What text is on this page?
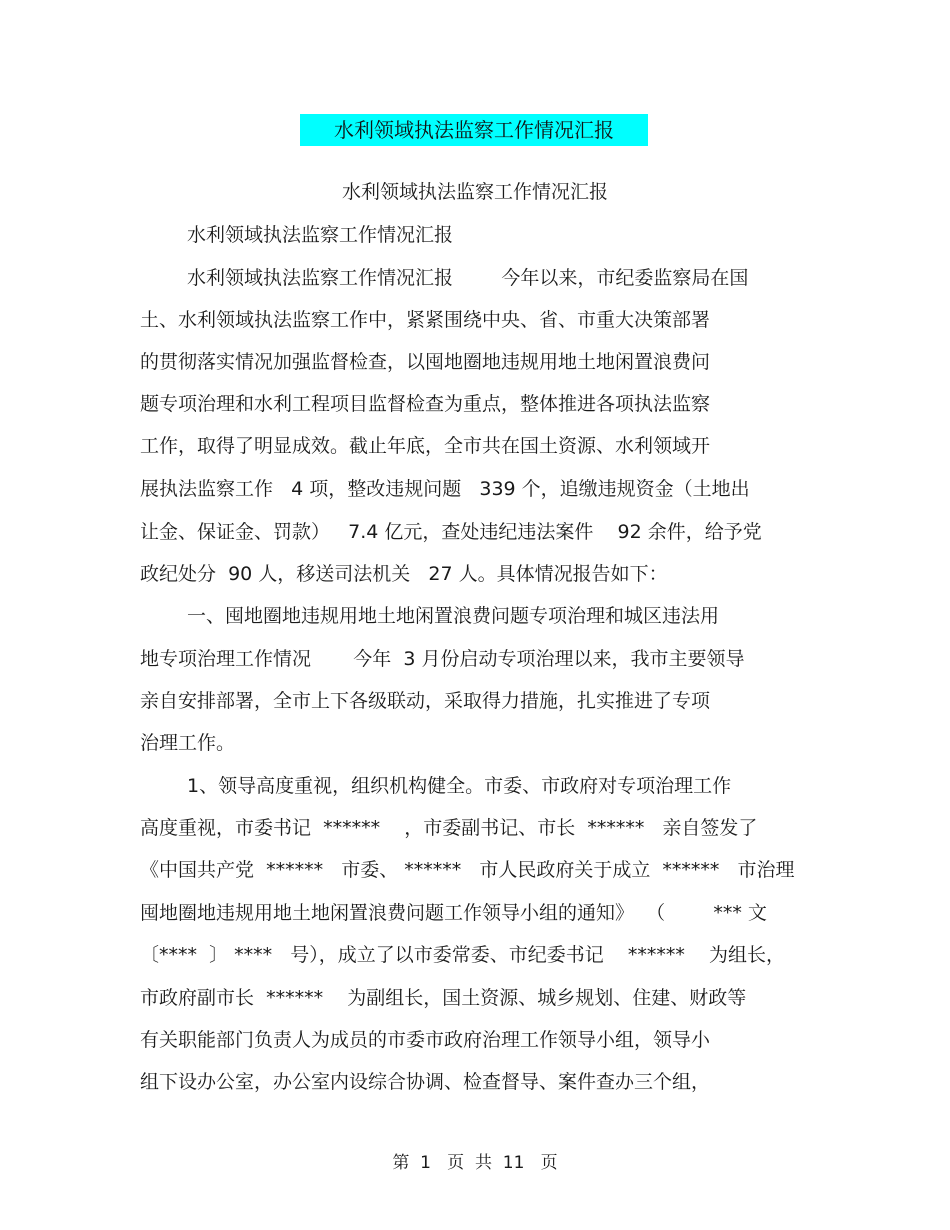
水利领域执法监察工作情况汇报
水利领域执法监察工作情况汇报
水利领域执法监察工作情况汇报
水利领域执法监察工作情况汇报        今年以来，市纪委监察局在国
土、水利领域执法监察工作中，紧紧围绕中央、省、市重大决策部署
的贯彻落实情况加强监督检查，以囤地圈地违规用地土地闲置浪费问
题专项治理和水利工程项目监督检查为重点，整体推进各项执法监察
工作，取得了明显成效。截止年底，全市共在国土资源、水利领域开
展执法监察工作   4 项，整改违规问题   339 个，追缴违规资金（土地出
让金、保证金、罚款）   7.4 亿元，查处违纪违法案件    92 余件，给予党
政纪处分  90 人，移送司法机关   27 人。具体情况报告如下：
一、囤地圈地违规用地土地闲置浪费问题专项治理和城区违法用
地专项治理工作情况       今年  3 月份启动专项治理以来，我市主要领导
亲自安排部署，全市上下各级联动，采取得力措施，扎实推进了专项
治理工作。
1、领导高度重视，组织机构健全。市委、市政府对专项治理工作
高度重视，市委书记  ******    ，市委副书记、市长  ******   亲自签发了
《中国共产党  ******   市委、 ******   市人民政府关于成立  ******   市治理
囤地圈地违规用地土地闲置浪费问题工作领导小组的通知》  （        *** 文
〔****  〕 ****   号），成立了以市委常委、市纪委书记    ******    为组长，
市政府副市长  ******    为副组长，国土资源、城乡规划、住建、财政等
有关职能部门负责人为成员的市委市政府治理工作领导小组，领导小
组下设办公室，办公室内设综合协调、检查督导、案件查办三个组，
第  1   页  共  11   页
